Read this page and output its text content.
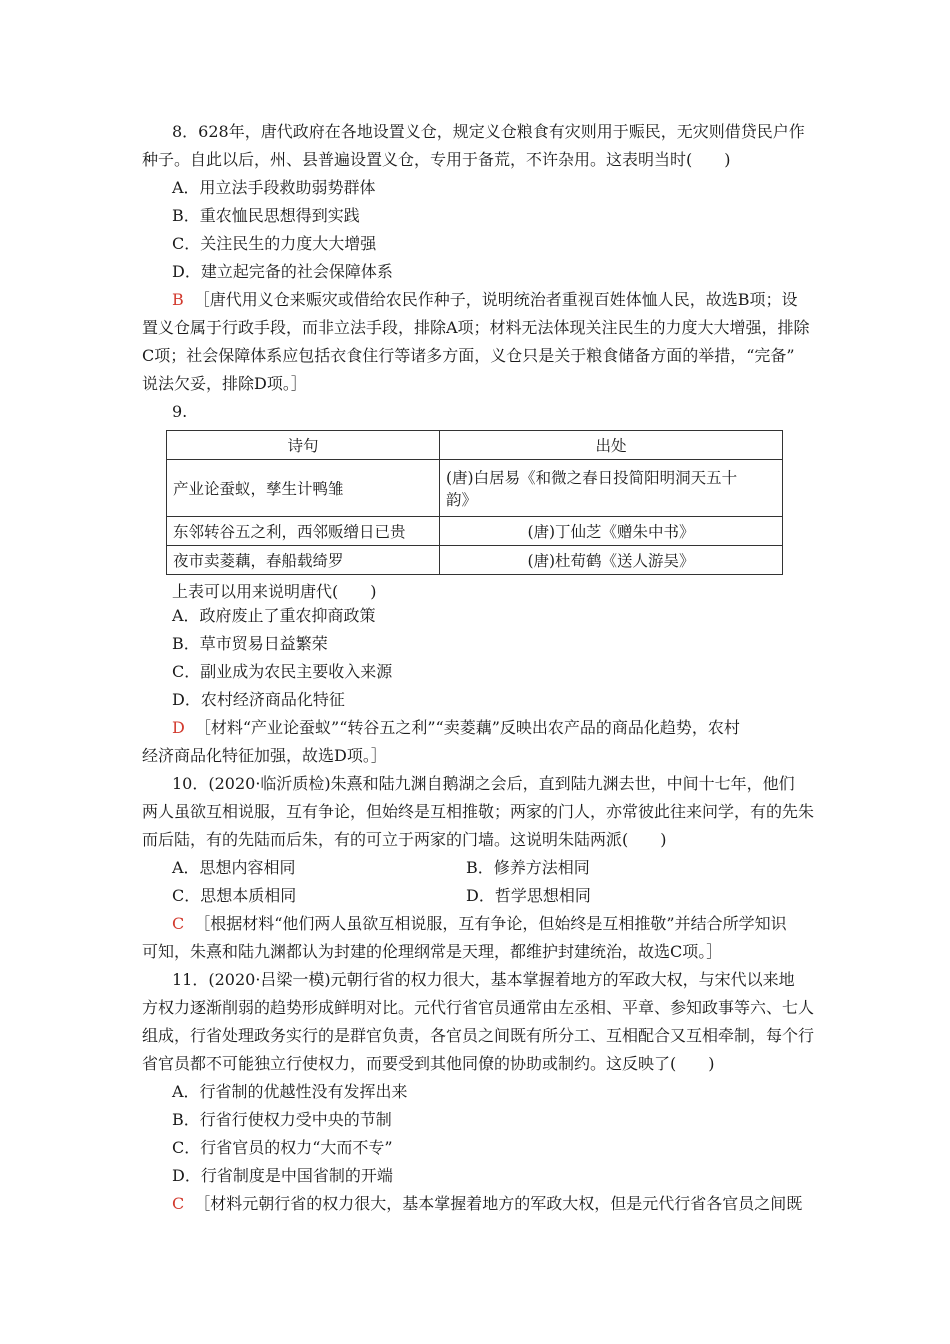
8．628年，唐代政府在各地设置义仓，规定义仓粮食有灾则用于赈民，无灾则借贷民户作
种子。自此以后，州、县普遍设置义仓，专用于备荒，不许杂用。这表明当时(　　)
A．用立法手段救助弱势群体
B．重农恤民思想得到实践
C．关注民生的力度大大增强
D．建立起完备的社会保障体系
B ［唐代用义仓来赈灾或借给农民作种子，说明统治者重视百姓体恤人民，故选B项；设
置义仓属于行政手段，而非立法手段，排除A项；材料无法体现关注民生的力度大大增强，排除
C项；社会保障体系应包括衣食住行等诸多方面，义仓只是关于粮食储备方面的举措，“完备”
说法欠妥，排除D项。］
9.
诗句	出处
产业论蚕蚁，孳生计鸭雏	(唐)白居易《和微之春日投简阳明洞天五十
韵》

东邻转谷五之利，西邻贩缯日已贵	(唐)丁仙芝《赠朱中书》
夜市卖菱藕，春船载绮罗	(唐)杜荀鹤《送人游吴》
上表可以用来说明唐代(　　)
A．政府废止了重农抑商政策
B．草市贸易日益繁荣
C．副业成为农民主要收入来源
D．农村经济商品化特征
D ［材料“产业论蚕蚁”“转谷五之利”“卖菱藕”反映出农产品的商品化趋势，农村
经济商品化特征加强，故选D项。］
10．(2020·临沂质检)朱熹和陆九渊自鹅湖之会后，直到陆九渊去世，中间十七年，他们
两人虽欲互相说服，互有争论，但始终是互相推敬；两家的门人，亦常彼此往来问学，有的先朱
而后陆，有的先陆而后朱，有的可立于两家的门墙。这说明朱陆两派(　　)
A．思想内容相同	B．修养方法相同
C．思想本质相同	D．哲学思想相同
C ［根据材料“他们两人虽欲互相说服，互有争论，但始终是互相推敬”并结合所学知识
可知，朱熹和陆九渊都认为封建的伦理纲常是天理，都维护封建统治，故选C项。］
11．(2020·吕梁一模)元朝行省的权力很大，基本掌握着地方的军政大权，与宋代以来地
方权力逐渐削弱的趋势形成鲜明对比。元代行省官员通常由左丞相、平章、参知政事等六、七人
组成，行省处理政务实行的是群官负责，各官员之间既有所分工、互相配合又互相牵制，每个行
省官员都不可能独立行使权力，而要受到其他同僚的协助或制约。这反映了(　　)
A．行省制的优越性没有发挥出来
B．行省行使权力受中央的节制
C．行省官员的权力“大而不专”
D．行省制度是中国省制的开端
C ［材料元朝行省的权力很大，基本掌握着地方的军政大权，但是元代行省各官员之间既
